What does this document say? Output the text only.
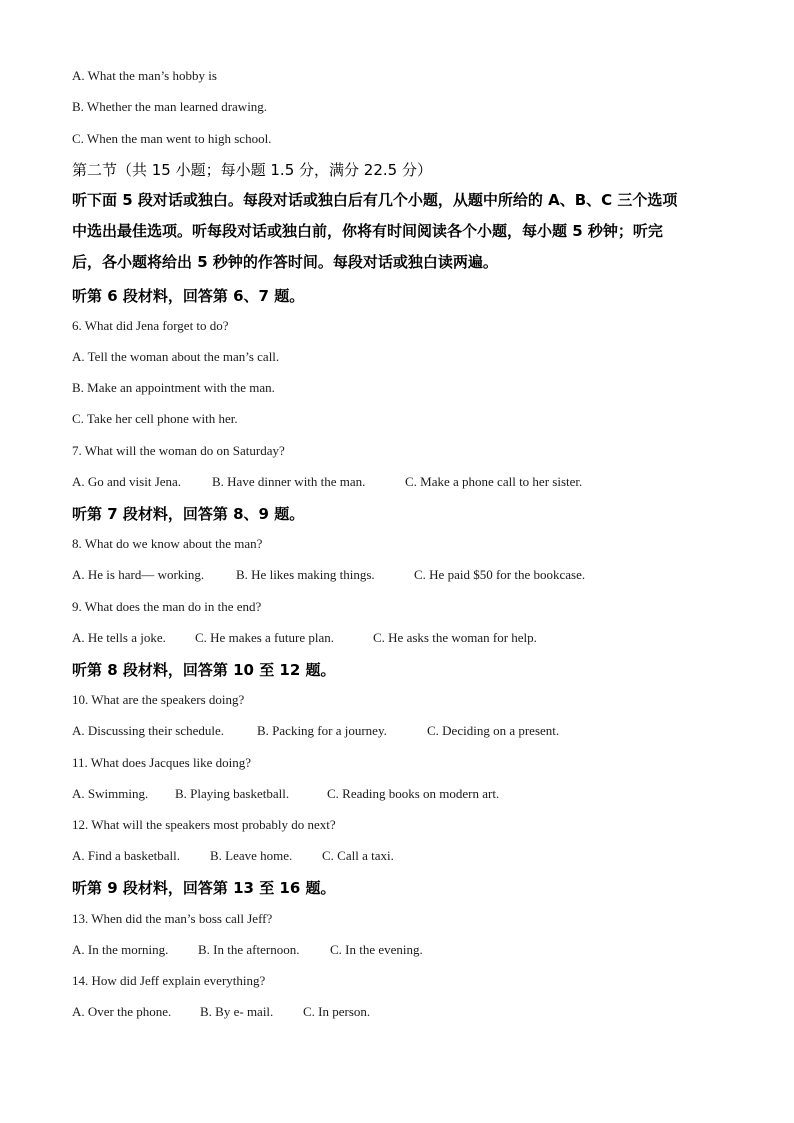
A. What the man’s hobby is
B. Whether the man learned drawing.
C. When the man went to high school.
第二节（共 15 小题；每小题 1.5 分，满分 22.5 分）
听下面 5 段对话或独白。每段对话或独白后有几个小题，从题中所给的 A、B、C 三个选项
中选出最佳选项。听每段对话或独白前，你将有时间阅读各个小题，每小题 5 秒钟；听完
后，各小题将给出 5 秒钟的作答时间。每段对话或独白读两遍。
听第 6 段材料，回答第 6、7 题。
6. What did Jena forget to do?
A. Tell the woman about the man’s call.
B. Make an appointment with the man.
C. Take her cell phone with her.
7. What will the woman do on Saturday?
A. Go and visit Jena. B. Have dinner with the man.	C. Make a phone call to her sister.
听第 7 段材料，回答第 8、9 题。
8. What do we know about the man?
A. He is hard— working. B. He likes making things.	C. He paid $50 for the bookcase.
9. What does the man do in the end?
A. He tells a joke. C. He makes a future plan.	C. He asks the woman for help.
听第 8 段材料，回答第 10 至 12 题。
10. What are the speakers doing?
A. Discussing their schedule.	B. Packing for a journey.	C. Deciding on a present.
11. What does Jacques like doing?
A. Swimming. B. Playing basketball.	C. Reading books on modern art.
12. What will the speakers most probably do next?
A. Find a basketball. B. Leave home. C. Call a taxi.
听第 9 段材料，回答第 13 至 16 题。
13. When did the man’s boss call Jeff?
A. In the morning. B. In the afternoon. C. In the evening.
14. How did Jeff explain everything?
A. Over the phone. B. By e- mail. C. In person.
